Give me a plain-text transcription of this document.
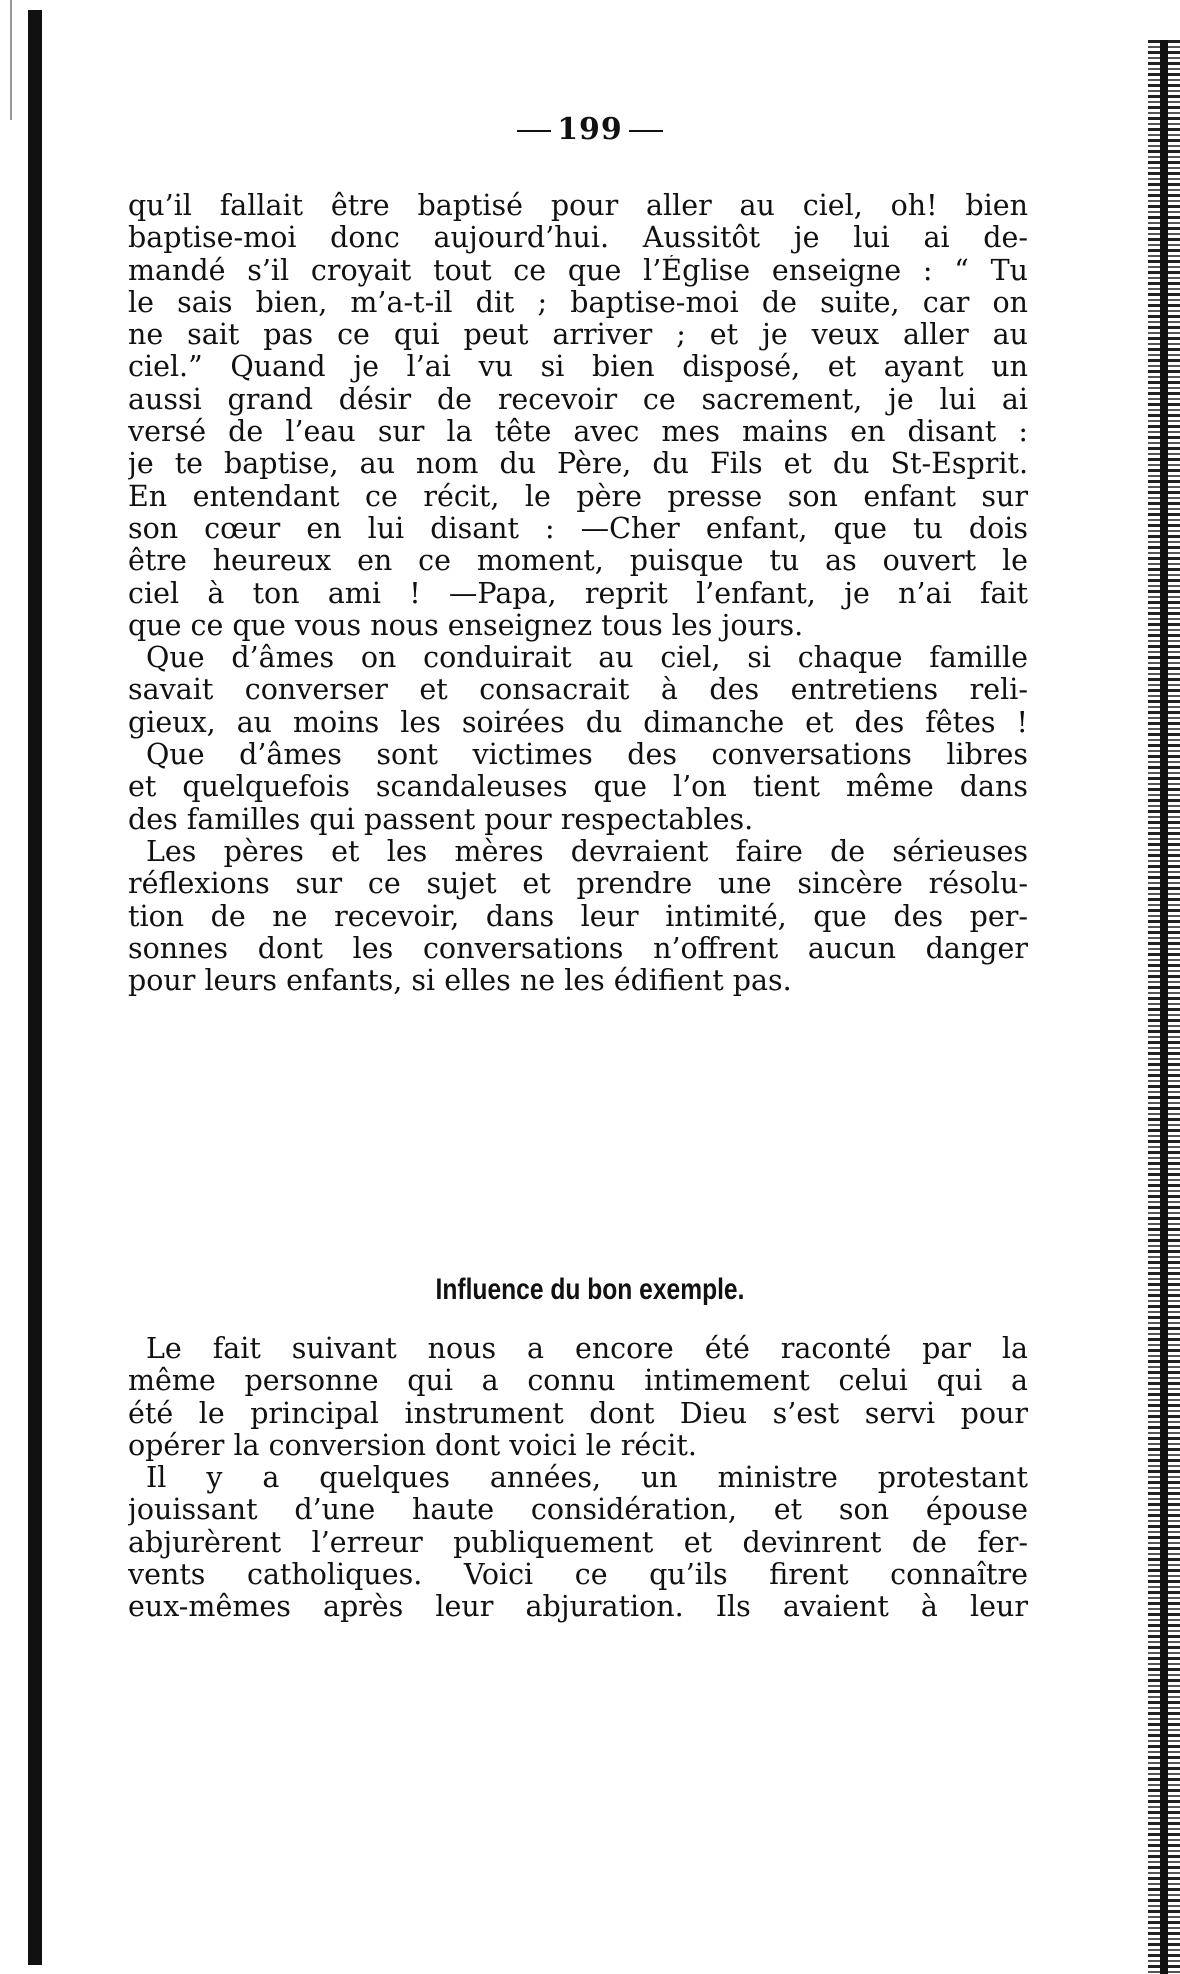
199
qu’il fallait être baptisé pour aller au ciel, oh! bien
baptise-moi donc aujourd’hui. Aussitôt je lui ai de-
mandé s’il croyait tout ce que l’Église enseigne : “ Tu
le sais bien, m’a-t-il dit ; baptise-moi de suite, car on
ne sait pas ce qui peut arriver ; et je veux aller au
ciel.” Quand je l’ai vu si bien disposé, et ayant un
aussi grand désir de recevoir ce sacrement, je lui ai
versé de l’eau sur la tête avec mes mains en disant :
je te baptise, au nom du Père, du Fils et du St-Esprit.
En entendant ce récit, le père presse son enfant sur
son cœur en lui disant : —Cher enfant, que tu dois
être heureux en ce moment, puisque tu as ouvert le
ciel à ton ami ! —Papa, reprit l’enfant, je n’ai fait
que ce que vous nous enseignez tous les jours.
Que d’âmes on conduirait au ciel, si chaque famille
savait converser et consacrait à des entretiens reli-
gieux, au moins les soirées du dimanche et des fêtes !
Que d’âmes sont victimes des conversations libres
et quelquefois scandaleuses que l’on tient même dans
des familles qui passent pour respectables.
Les pères et les mères devraient faire de sérieuses
réflexions sur ce sujet et prendre une sincère résolu-
tion de ne recevoir, dans leur intimité, que des per-
sonnes dont les conversations n’offrent aucun danger
pour leurs enfants, si elles ne les édifient pas.
Influence du bon exemple.
Le fait suivant nous a encore été raconté par la
même personne qui a connu intimement celui qui a
été le principal instrument dont Dieu s’est servi pour
opérer la conversion dont voici le récit.
Il y a quelques années, un ministre protestant
jouissant d’une haute considération, et son épouse
abjurèrent l’erreur publiquement et devinrent de fer-
vents catholiques. Voici ce qu’ils firent connaître
eux-mêmes après leur abjuration. Ils avaient à leur
